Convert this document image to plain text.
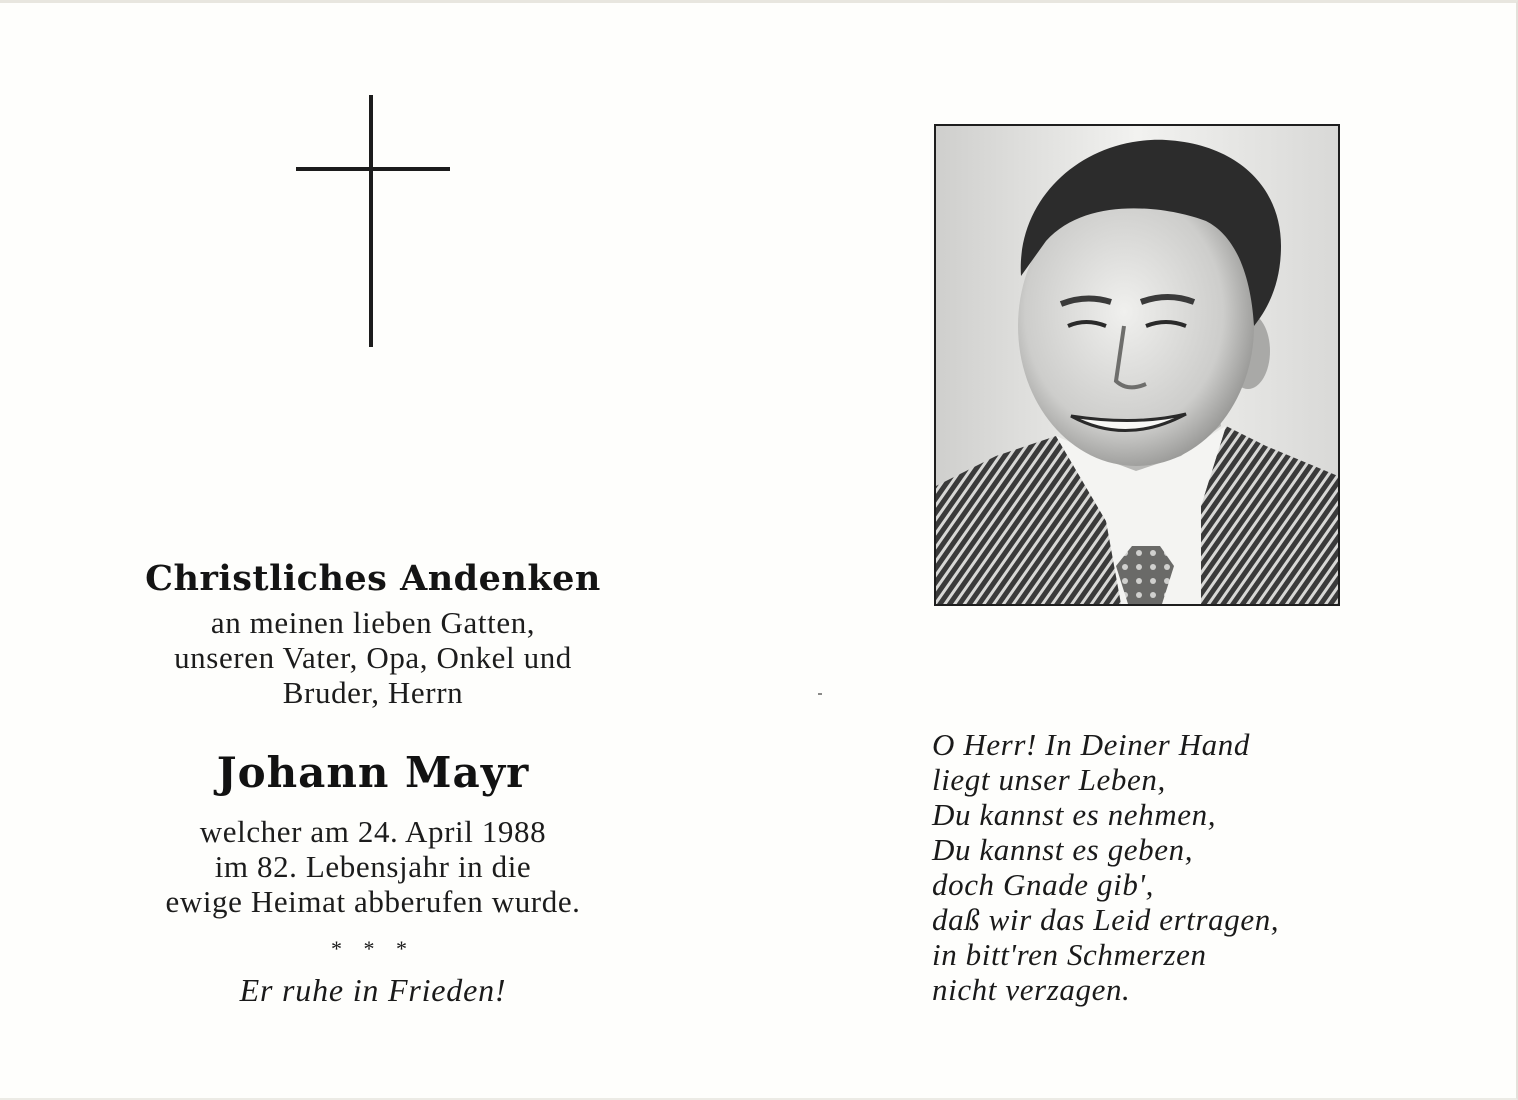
Christliches Andenken
an meinen lieben Gatten,
unseren Vater, Opa, Onkel und
Bruder, Herrn
Johann Mayr
welcher am 24. April 1988
im 82. Lebensjahr in die
ewige Heimat abberufen wurde.
* * *
Er ruhe in Frieden!
O Herr! In Deiner Hand
liegt unser Leben,
Du kannst es nehmen,
Du kannst es geben,
doch Gnade gib',
daß wir das Leid ertragen,
in bitt'ren Schmerzen
nicht verzagen.
